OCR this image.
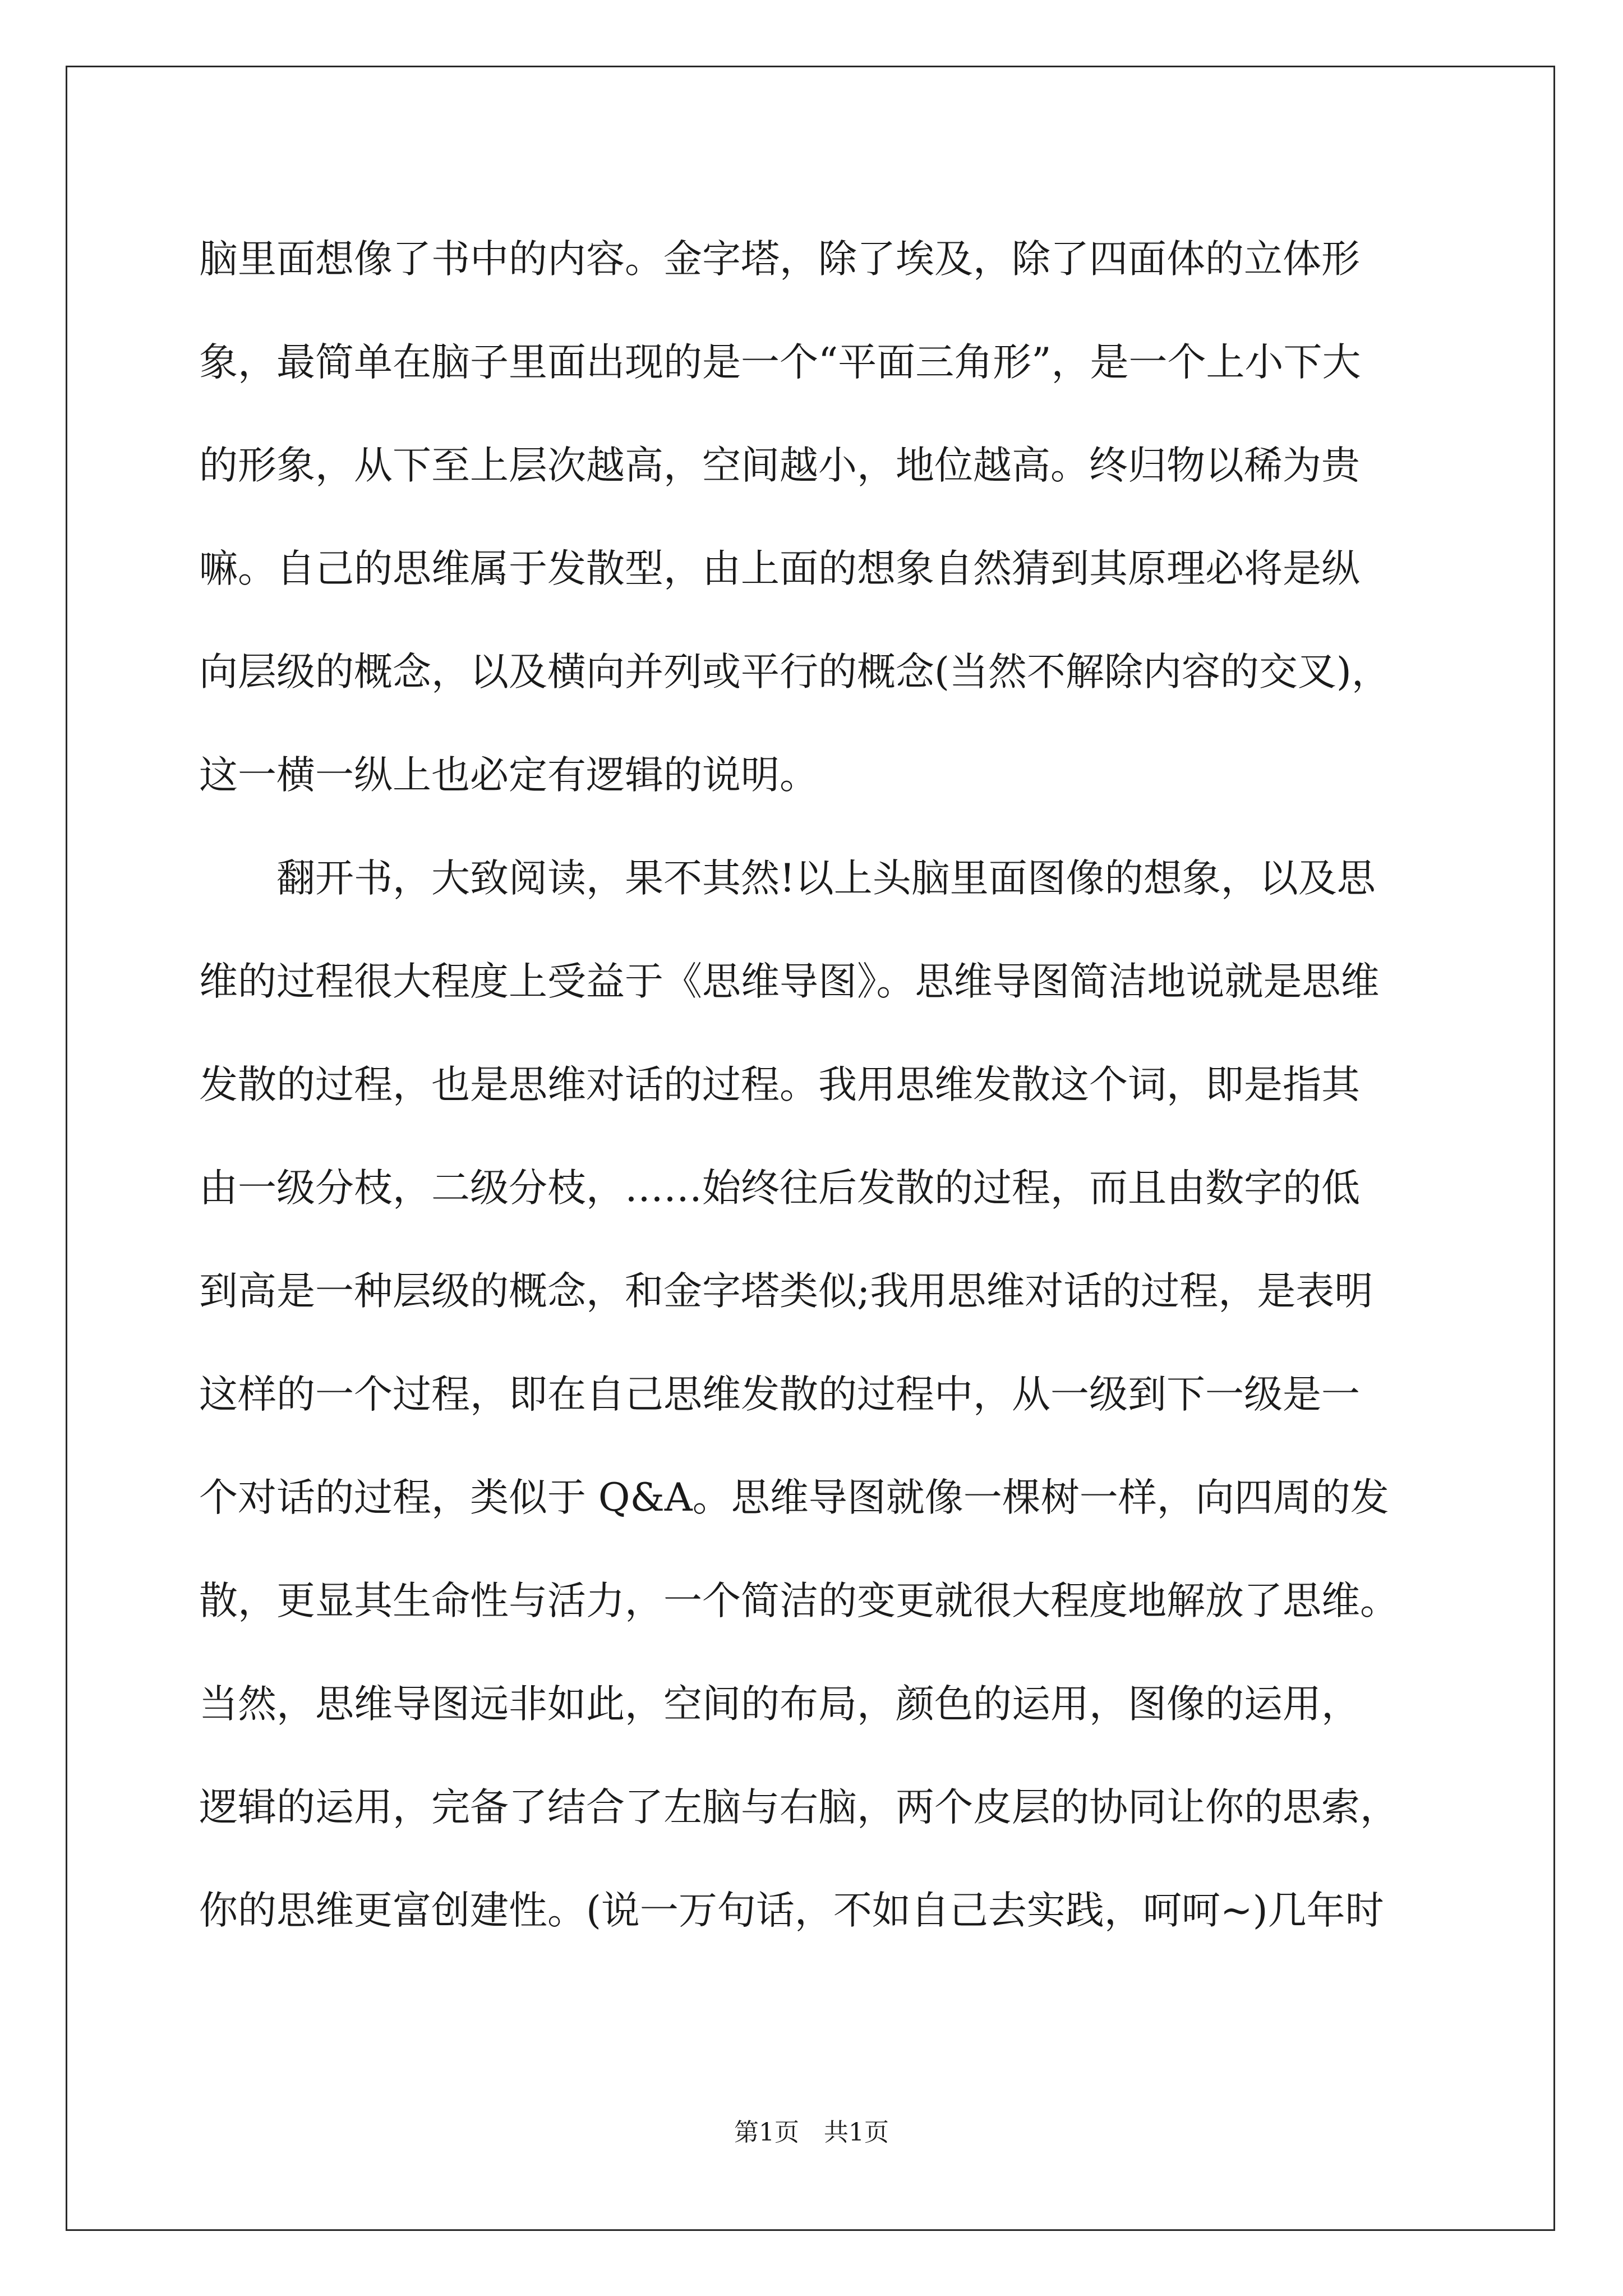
脑里面想像了书中的内容。金字塔，除了埃及，除了四面体的立体形
象，最简单在脑子里面出现的是一个“平面三角形”，是一个上小下大
的形象，从下至上层次越高，空间越小，地位越高。终归物以稀为贵
嘛。自己的思维属于发散型，由上面的想象自然猜到其原理必将是纵
向层级的概念，以及横向并列或平行的概念(当然不解除内容的交叉)，
这一横一纵上也必定有逻辑的说明。
翻开书，大致阅读，果不其然!以上头脑里面图像的想象，以及思
维的过程很大程度上受益于《思维导图》。思维导图简洁地说就是思维
发散的过程，也是思维对话的过程。我用思维发散这个词，即是指其
由一级分枝，二级分枝，……始终往后发散的过程，而且由数字的低
到高是一种层级的概念，和金字塔类似;我用思维对话的过程，是表明
这样的一个过程，即在自己思维发散的过程中，从一级到下一级是一
个对话的过程，类似于 Q&A。思维导图就像一棵树一样，向四周的发
散，更显其生命性与活力，一个简洁的变更就很大程度地解放了思维。
当然，思维导图远非如此，空间的布局，颜色的运用，图像的运用，
逻辑的运用，完备了结合了左脑与右脑，两个皮层的协同让你的思索，
你的思维更富创建性。(说一万句话，不如自己去实践，呵呵~)几年时
第1页 共1页
